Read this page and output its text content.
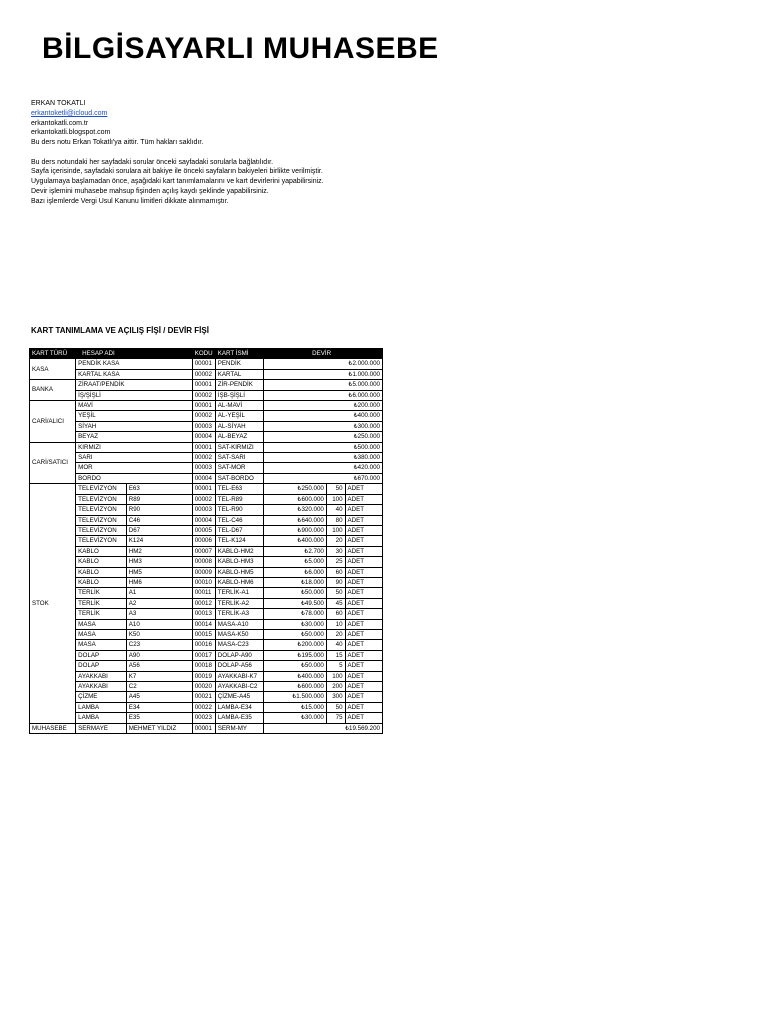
BİLGİSAYARLI MUHASEBE
ERKAN TOKATLI
erkantoketli@icloud.com
erkantokatli.com.tr
erkantokatli.blogspot.com
Bu ders notu Erkan Tokatlı'ya aittir. Tüm hakları saklıdır.
Bu ders notundaki her sayfadaki sorular önceki sayfadaki sorularla bağlatılıdır.
Sayfa içerisinde, sayfadaki sorulara ait bakiye ile önceki sayfaların bakiyeleri birlikte verilmiştir.
Uygulamaya başlamadan önce, aşağıdaki kart tanımlamalarını ve kart devirlerini yapabilirsiniz.
Devir işlemini muhasebe mahsup fişinden açılış kaydı şeklinde yapabilirsiniz.
Bazı işlemlerde Vergi Usul Kanunu limitleri dikkate alınmamıştır.
KART TANIMLAMA VE AÇILIŞ FİŞİ / DEVİR FİŞİ
KART TÜRÜ	HESAP ADI		KODU	KART İSMİ	DEVİR		
KASA	PENDİK KASA		00001	PENDİK	₺2.000.000		
	KARTAL KASA		00002	KARTAL	₺1.000.000		
BANKA	ZİRAAT/PENDİK		00001	ZİR-PENDİK	₺5.000.000		
	İŞ/ŞİŞLİ		00002	İŞB-ŞİŞLİ	₺6.000.000		
CARİ/ALICI	MAVİ		00001	AL-MAVİ	₺200.000		
	YEŞİL		00002	AL-YEŞİL	₺400.000		
	SİYAH		00003	AL-SİYAH	₺300.000		
	BEYAZ		00004	AL-BEYAZ	₺250.000		
CARİ/SATICI	KIRMIZI		00001	SAT-KIRMIZI	₺500.000		
	SARI		00002	SAT-SARI	₺380.000		
	MOR		00003	SAT-MOR	₺420.000		
	BORDO		00004	SAT-BORDO	₺670.000		
STOK	TELEVİZYON	E63	00001	TEL-E63	₺250.000	50	ADET
	TELEVİZYON	R89	00002	TEL-R89	₺600.000	100	ADET
	TELEVİZYON	R90	00003	TEL-R90	₺320.000	40	ADET
	TELEVİZYON	C46	00004	TEL-C46	₺640.000	80	ADET
	TELEVİZYON	D67	00005	TEL-D67	₺900.000	100	ADET
	TELEVİZYON	K124	00006	TEL-K124	₺400.000	20	ADET
	KABLO	HM2	00007	KABLO-HM2	₺2.700	30	ADET
	KABLO	HM3	00008	KABLO-HM3	₺5.000	25	ADET
	KABLO	HM5	00009	KABLO-HM5	₺6.000	60	ADET
	KABLO	HM6	00010	KABLO-HM6	₺18.000	90	ADET
	TERLİK	A1	00011	TERLİK-A1	₺50.000	50	ADET
	TERLİK	A2	00012	TERLİK-A2	₺49.500	45	ADET
	TERLİK	A3	00013	TERLİK-A3	₺78.000	60	ADET
	MASA	A10	00014	MASA-A10	₺30.000	10	ADET
	MASA	K50	00015	MASA-K50	₺50.000	20	ADET
	MASA	C23	00016	MASA-C23	₺200.000	40	ADET
	DOLAP	A90	00017	DOLAP-A90	₺195.000	15	ADET
	DOLAP	A56	00018	DOLAP-A56	₺50.000	5	ADET
	AYAKKABI	K7	00019	AYAKKABI-K7	₺400.000	100	ADET
	AYAKKABI	C2	00020	AYAKKABI-C2	₺600.000	200	ADET
	ÇİZME	A45	00021	ÇİZME-A45	₺1.500.000	300	ADET
	LAMBA	E34	00022	LAMBA-E34	₺15.000	50	ADET
	LAMBA	E35	00023	LAMBA-E35	₺30.000	75	ADET
MUHASEBE	SERMAYE	MEHMET YILDIZ	00001	SERM-MY	₺19.569.200		
